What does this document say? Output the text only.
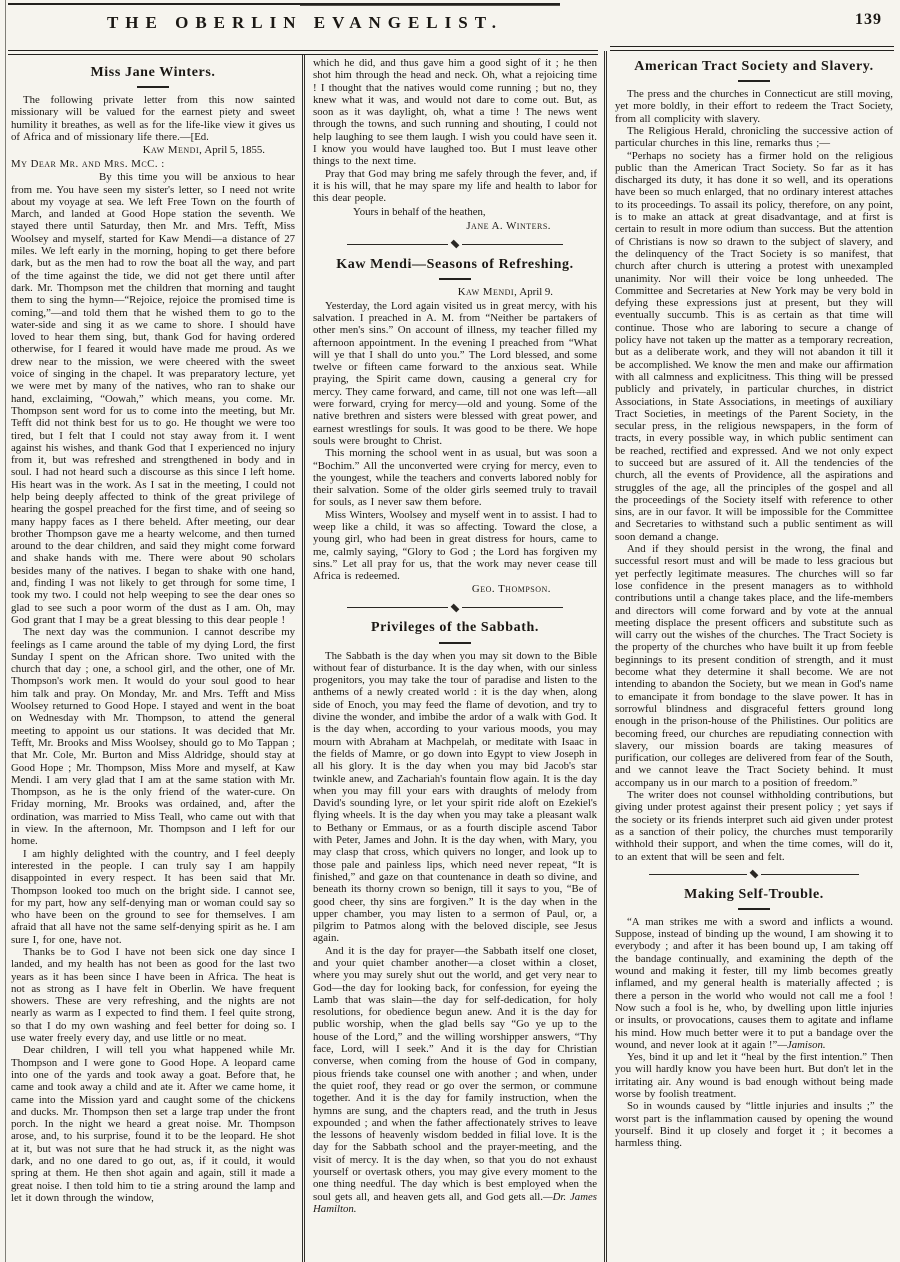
THE OBERLIN EVANGELIST.	139
Miss Jane Winters.

The following private letter from this now sainted missionary will be valued for the earnest piety and sweet humility it breathes, as well as for the life-like view it gives us of Africa and of missionary life there.—[Ed.

Kaw Mendi, April 5, 1855.

My Dear Mr. and Mrs. McC. :

By this time you will be anxious to hear from me. You have seen my sister's letter, so I need not write about my voyage at sea. We left Free Town on the fourth of March, and landed at Good Hope station the seventh. We stayed there until Saturday, then Mr. and Mrs. Tefft, Miss Woolsey and myself, started for Kaw Mendi—a distance of 27 miles. We left early in the morning, hoping to get there before dark, but as the men had to row the boat all the way, and part of the time against the tide, we did not get there until after dark. Mr. Thompson met the children that morning and taught them to sing the hymn—“Rejoice, rejoice the promised time is coming,”—and told them that he wished them to go to the water-side and sing it as we came to shore. I should have loved to hear them sing, but, thank God for having ordered otherwise, for I feared it would have made me proud. As we drew near to the mission, we were cheered with the sweet voice of singing in the chapel. It was preparatory lecture, yet we were met by many of the natives, who ran to shake our hand, exclaiming, “Oowah,” which means, you come. Mr. Thompson sent word for us to come into the meeting, but Mr. Tefft did not think best for us to go. He thought we were too tired, but I felt that I could not stay away from it. I went against his wishes, and thank God that I experienced no injury from it, but was refreshed and strengthened in body and in soul. I had not heard such a discourse as this since I left home. His heart was in the work. As I sat in the meeting, I could not help being deeply affected to think of the great privilege of hearing the gospel preached for the first time, and of seeing so many happy faces as I there beheld. After meeting, our dear brother Thompson gave me a hearty welcome, and then turned around to the dear children, and said they might come forward and shake hands with me. There were about 90 scholars besides many of the natives. I began to shake with one hand, and, finding I was not likely to get through for some time, I took my two. I could not help weeping to see the dear ones so glad to see such a poor worm of the dust as I am. Oh, may God grant that I may be a great blessing to this dear people !

The next day was the communion. I cannot describe my feelings as I came around the table of my dying Lord, the first Sunday I spent on the African shore. Two united with the church that day ; one, a school girl, and the other, one of Mr. Thompson's work men. It would do your soul good to hear him talk and pray. On Monday, Mr. and Mrs. Tefft and Miss Woolsey returned to Good Hope. I stayed and went in the boat on Wednesday with Mr. Thompson, to attend the general meeting to appoint us our stations. It was decided that Mr. Tefft, Mr. Brooks and Miss Woolsey, should go to Mo Tappan ; that Mr. Cole, Mr. Burton and Miss Aldridge, should stay at Good Hope ; Mr. Thompson, Miss More and myself, at Kaw Mendi. I am very glad that I am at the same station with Mr. Thompson, as he is the only friend of the water-cure. On Friday morning, Mr. Brooks was ordained, and, after the ordination, was married to Miss Teall, who came out with that in view. In the afternoon, Mr. Thompson and I left for our home.

I am highly delighted with the country, and I feel deeply interested in the people. I can truly say I am happily disappointed in every respect. It has been said that Mr. Thompson looked too much on the bright side. I cannot see, for my part, how any self-denying man or woman could say so who have been on the ground to see for themselves. I am afraid that all have not the same self-denying spirit as he. I am sure I, for one, have not.

Thanks be to God I have not been sick one day since I landed, and my health has not been as good for the last two years as it has been since I have been in Africa. The heat is not as strong as I have felt in Oberlin. We have frequent showers. These are very refreshing, and the nights are not nearly as warm as I expected to find them. I feel quite strong, so that I do my own washing and feel better for doing so. I use water freely every day, and use little or no meat.

Dear children, I will tell you what happened while Mr. Thompson and I were gone to Good Hope. A leopard came into one of the yards and took away a goat. Before that, he came and took away a child and ate it. After we came home, it came into the Mission yard and caught some of the chickens and ducks. Mr. Thompson then set a large trap under the front porch. In the night we heard a great noise. Mr. Thompson arose, and, to his surprise, found it to be the leopard. He shot at it, but was not sure that he had struck it, as the night was dark, and no one dared to go out, as, if it could, it would spring at them. He then shot again and again, still it made a great noise. I then told him to tie a string around the lamp and let it down through the window,

which he did, and thus gave him a good sight of it ; he then shot him through the head and neck. Oh, what a rejoicing time ! I thought that the natives would come running ; but no, they knew what it was, and would not dare to come out. But, as soon as it was daylight, oh, what a time ! The news went through the towns, and such running and shouting, I could not help laughing to see them laugh. I wish you could have seen it. I know you would have laughed too. But I must leave other things to the next time.

Pray that God may bring me safely through the fever, and, if it is his will, that he may spare my life and health to labor for this dear people.

Yours in behalf of the heathen,

Jane A. Winters.

Kaw Mendi—Seasons of Refreshing.

Kaw Mendi, April 9.

Yesterday, the Lord again visited us in great mercy, with his salvation. I preached in A. M. from “Neither be partakers of other men's sins.” On account of illness, my teacher filled my afternoon appointment. In the evening I preached from “What will ye that I shall do unto you.” The Lord blessed, and some twelve or fifteen came forward to the anxious seat. While praying, the Spirit came down, causing a general cry for mercy. They came forward, and came, till not one was left—all were forward, crying for mercy—old and young. Some of the native brethren and sisters were blessed with great power, and earnest wrestlings for souls. It was good to be there. We hope souls were brought to Christ.

This morning the school went in as usual, but was soon a “Bochim.” All the unconverted were crying for mercy, even to the youngest, while the teachers and converts labored nobly for their salvation. Some of the older girls seemed truly to travail for souls, as I never saw them before.

Miss Winters, Woolsey and myself went in to assist. I had to weep like a child, it was so affecting. Toward the close, a young girl, who had been in great distress for hours, came to me, calmly saying, “Glory to God ; the Lord has forgiven my sins.” Let all pray for us, that the work may never cease till Africa is redeemed.

Geo. Thompson.

Privileges of the Sabbath.

The Sabbath is the day when you may sit down to the Bible without fear of disturbance. It is the day when, with our sinless progenitors, you may take the tour of paradise and listen to the anthems of a newly created world : it is the day when, along side of Enoch, you may feed the flame of devotion, and try to divine the wonder, and imbibe the ardor of a walk with God. It is the day when, according to your various moods, you may mourn with Abraham at Machpelah, or meditate with Isaac in the fields of Mamre, or go down into Egypt to view Joseph in all his glory. It is the day when you may bid Jacob's star twinkle anew, and Zachariah's fountain flow again. It is the day when you may fill your ears with draughts of melody from David's sounding lyre, or let your spirit ride aloft on Ezekiel's flying wheels. It is the day when you may take a pleasant walk to Bethany or Emmaus, or as a fourth disciple ascend Tabor with Peter, James and John. It is the day when, with Mary, you may clasp that cross, which quivers no longer, and look up to those pale and painless lips, which need never repeat, “It is finished,” and gaze on that countenance in death so divine, and beneath its thorny crown so benign, till it says to you, “Be of good cheer, thy sins are forgiven.” It is the day when in the upper chamber, you may listen to a sermon of Paul, or, a pilgrim to Patmos along with the beloved disciple, see Jesus again.

And it is the day for prayer—the Sabbath itself one closet, and your quiet chamber another—a closet within a closet, where you may surely shut out the world, and get very near to God—the day for looking back, for confession, for eyeing the Lamb that was slain—the day for self-dedication, for holy resolutions, for obedience begun anew. And it is the day for public worship, when the glad bells say “Go ye up to the house of the Lord,” and the willing worshipper answers, “Thy face, Lord, will I seek.” And it is the day for Christian converse, when coming from the house of God in company, pious friends take counsel one with another ; and when, under the quiet roof, they read or go over the sermon, or commune together. And it is the day for family instruction, when the hymns are sung, and the chapters read, and the truth in Jesus expounded ; and when the father affectionately strives to leave the lessons of heavenly wisdom bedded in filial love. It is the day for the Sabbath school and the prayer-meeting, and the visit of mercy. It is the day when, so that you do not exhaust yourself or overtask others, you may give every moment to the one thing needful. The day which is best employed when the soul gets all, and heaven gets all, and God gets all.—Dr. James Hamilton.

American Tract Society and Slavery.

The press and the churches in Connecticut are still moving, yet more boldly, in their effort to redeem the Tract Society, from all complicity with slavery.

The Religious Herald, chronicling the successive action of particular churches in this line, remarks thus ;—

“Perhaps no society has a firmer hold on the religious public than the American Tract Society. So far as it has discharged its duty, it has done it so well, and its operations have been so much enlarged, that no ordinary interest attaches to its proceedings. To assail its policy, therefore, on any point, is to make an attack at great disadvantage, and at first is certain to result in more odium than success. But the attention of Christians is now so drawn to the subject of slavery, and the delinquency of the Tract Society is so manifest, that church after church is uttering a protest with unexampled unanimity. Nor will their voice be long unheeded. The Committee and Secretaries at New York may be very bold in defying these expressions just at present, but they will eventually succumb. This is as certain as that time will continue. Those who are laboring to secure a change of policy have not taken up the matter as a temporary recreation, but as a deliberate work, and they will not abandon it till it be accomplished. We know the men and make our affirmation with all calmness and explicitness. This thing will be pressed publicly and privately, in particular churches, in district Associations, in State Associations, in meetings of auxiliary Tract Societies, in meetings of the Parent Society, in the secular press, in the religious newspapers, in the form of tracts, in every possible way, in which public sentiment can be reached, rectified and expressed. And we not only expect to succeed but are assured of it. All the tendencies of the church, all the events of Providence, all the aspirations and struggles of the age, all the principles of the gospel and all the proceedings of the Society itself with reference to other sins, are in our favor. It will be impossible for the Committee and Secretaries to withstand such a public sentiment as will soon demand a change.

And if they should persist in the wrong, the final and successful resort must and will be made to less gracious but yet perfectly legitimate measures. The churches will so far lose confidence in the present managers as to withhold contributions until a change takes place, and the life-members and directors will come forward and by vote at the annual meeting displace the present officers and substitute such as will carry out the wishes of the churches. The Tract Society is the property of the churches who have built it up from feeble beginnings to its present condition of strength, and it must become what they determine it shall become. We are not intending to abandon the Society, but we mean in God's name to emancipate it from bondage to the slave power. It has in sorrowful blindness and disgraceful fetters ground long enough in the prison-house of the Philistines. Our politics are becoming freed, our churches are repudiating connection with slavery, our mission boards are taking measures of purification, our colleges are delivered from fear of the South, and we cannot leave the Tract Society behind. It must accompany us in our march to a position of freedom.”

The writer does not counsel withholding contributions, but giving under protest against their present policy ; yet says if the society or its friends interpret such aid given under protest as a sanction of their policy, the churches must temporarily withhold their support, and when the time comes, will do it, to an extent that will be seen and felt.

Making Self-Trouble.

“A man strikes me with a sword and inflicts a wound. Suppose, instead of binding up the wound, I am showing it to everybody ; and after it has been bound up, I am taking off the bandage continually, and examining the depth of the wound and making it fester, till my limb becomes greatly inflamed, and my general health is materially affected ; is there a person in the world who would not call me a fool ! Now such a fool is he, who, by dwelling upon little injuries or insults, or provocations, causes them to agitate and inflame his mind. How much better were it to put a bandage over the wound, and never look at it again !”—Jamison.

Yes, bind it up and let it “heal by the first intention.” Then you will hardly know you have been hurt. But don't let in the irritating air. Any wound is bad enough without being made worse by foolish treatment.

So in wounds caused by “little injuries and insults ;” the worst part is the inflammation caused by opening the wound yourself. Bind it up closely and forget it ; it becomes a harmless thing.
